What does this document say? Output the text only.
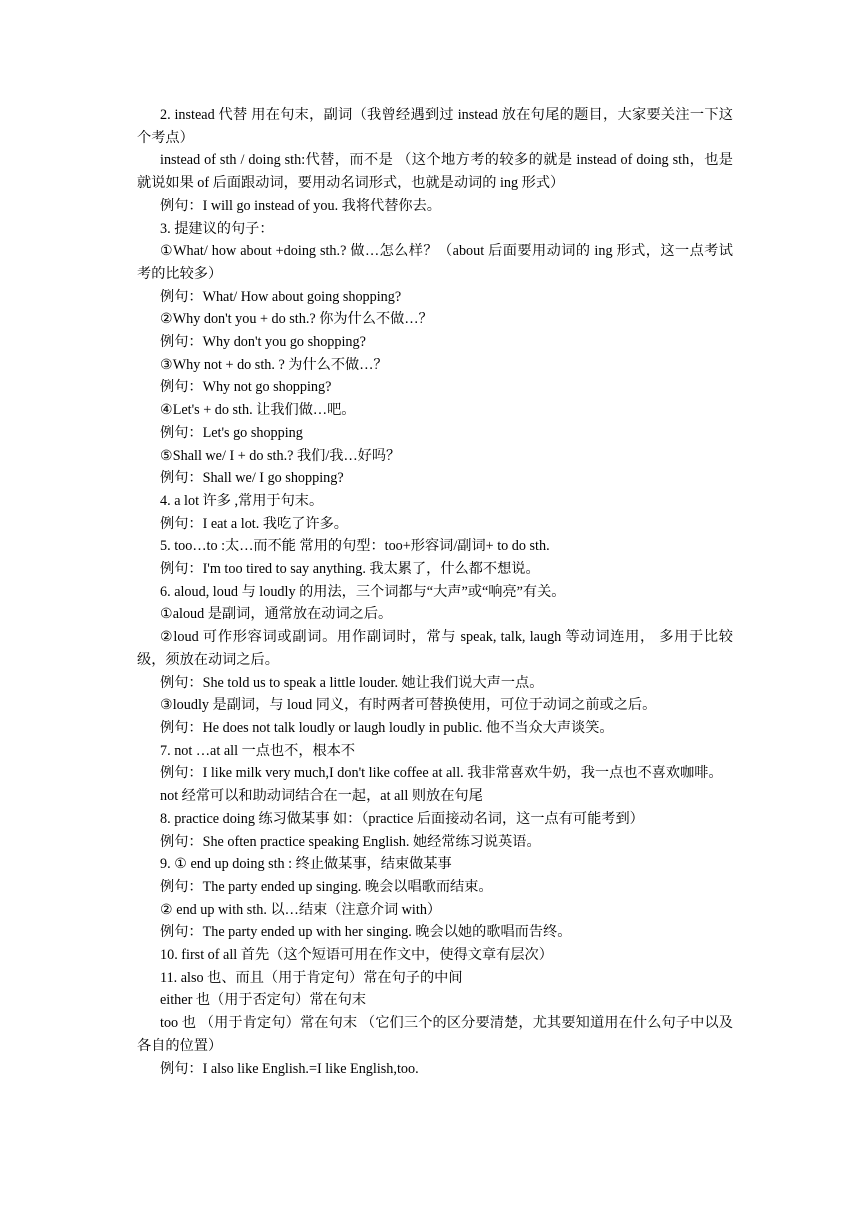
2. instead 代替 用在句末，副词（我曾经遇到过 instead 放在句尾的题目，大家要关注一下这个考点）

instead of sth / doing sth:代替，而不是 （这个地方考的较多的就是 instead of doing sth，也是就说如果 of 后面跟动词，要用动名词形式，也就是动词的 ing 形式）

例句：I will go instead of you. 我将代替你去。

3. 提建议的句子：

①What/ how about +doing sth.? 做…怎么样？（about 后面要用动词的 ing 形式，这一点考试考的比较多）

例句：What/ How about going shopping?

②Why don't you + do sth.? 你为什么不做…？

例句：Why don't you go shopping?

③Why not + do sth. ? 为什么不做…？

例句：Why not go shopping?

④Let's + do sth. 让我们做…吧。

例句：Let's go shopping

⑤Shall we/ I + do sth.? 我们/我…好吗？

例句：Shall we/ I go shopping?

4. a lot 许多 ,常用于句末。

例句：I eat a lot. 我吃了许多。

5. too…to :太…而不能 常用的句型：too+形容词/副词+ to do sth.

例句：I'm too tired to say anything. 我太累了，什么都不想说。

6. aloud, loud 与 loudly 的用法，三个词都与“大声”或“响亮”有关。

①aloud 是副词，通常放在动词之后。

②loud 可作形容词或副词。用作副词时，常与 speak, talk, laugh 等动词连用， 多用于比较级，须放在动词之后。

例句：She told us to speak a little louder. 她让我们说大声一点。

③loudly 是副词，与 loud 同义，有时两者可替换使用，可位于动词之前或之后。

例句：He does not talk loudly or laugh loudly in public. 他不当众大声谈笑。

7. not …at all 一点也不，根本不

例句：I like milk very much,I don't like coffee at all. 我非常喜欢牛奶，我一点也不喜欢咖啡。

not 经常可以和助动词结合在一起，at all 则放在句尾

8. practice doing 练习做某事 如：（practice 后面接动名词，这一点有可能考到）

例句：She often practice speaking English. 她经常练习说英语。

9. ① end up doing sth : 终止做某事，结束做某事

例句：The party ended up singing. 晚会以唱歌而结束。

② end up with sth. 以…结束（注意介词 with）

例句：The party ended up with her singing. 晚会以她的歌唱而告终。

10. first of all 首先（这个短语可用在作文中，使得文章有层次）

11. also 也、而且（用于肯定句）常在句子的中间

either 也（用于否定句）常在句末

too 也 （用于肯定句）常在句末 （它们三个的区分要清楚，尤其要知道用在什么句子中以及各自的位置）

例句：I also like English.=I like English,too.
